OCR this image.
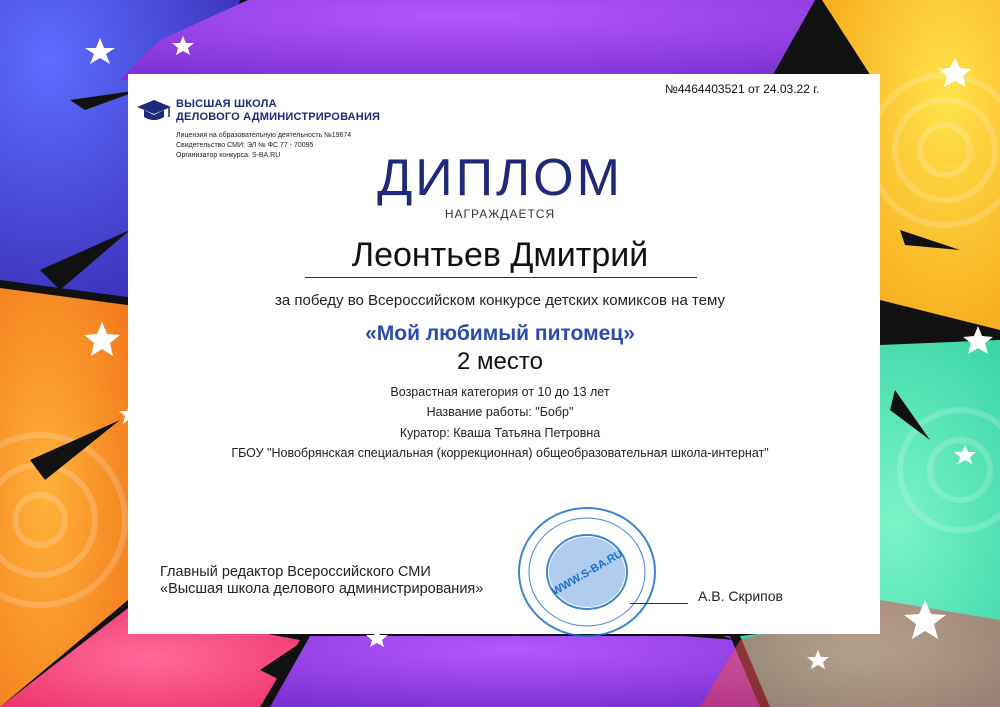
ВЫСШАЯ ШКОЛА
ДЕЛОВОГО АДМИНИСТРИРОВАНИЯ
Лицензия на образовательную деятельность №19674
Свидетельство СМИ: ЭЛ № ФС 77 - 70095
Организатор конкурса. S-BA.RU
№4464403521 от 24.03.22 г.
ДИПЛОМ
НАГРАЖДАЕТСЯ
Леонтьев Дмитрий
за победу во Всероссийском конкурсе детских комиксов на тему
«Мой любимый питомец»
2 место
Возрастная категория от 10 до 13 лет
Название работы: "Бобр"
Куратор: Кваша Татьяна Петровна
ГБОУ "Новобрянская специальная (коррекционная) общеобразовательная школа-интернат"
WWW.S-BA.RU
Главный редактор Всероссийского СМИ
«Высшая школа делового администрирования»	А.В. Скрипов
